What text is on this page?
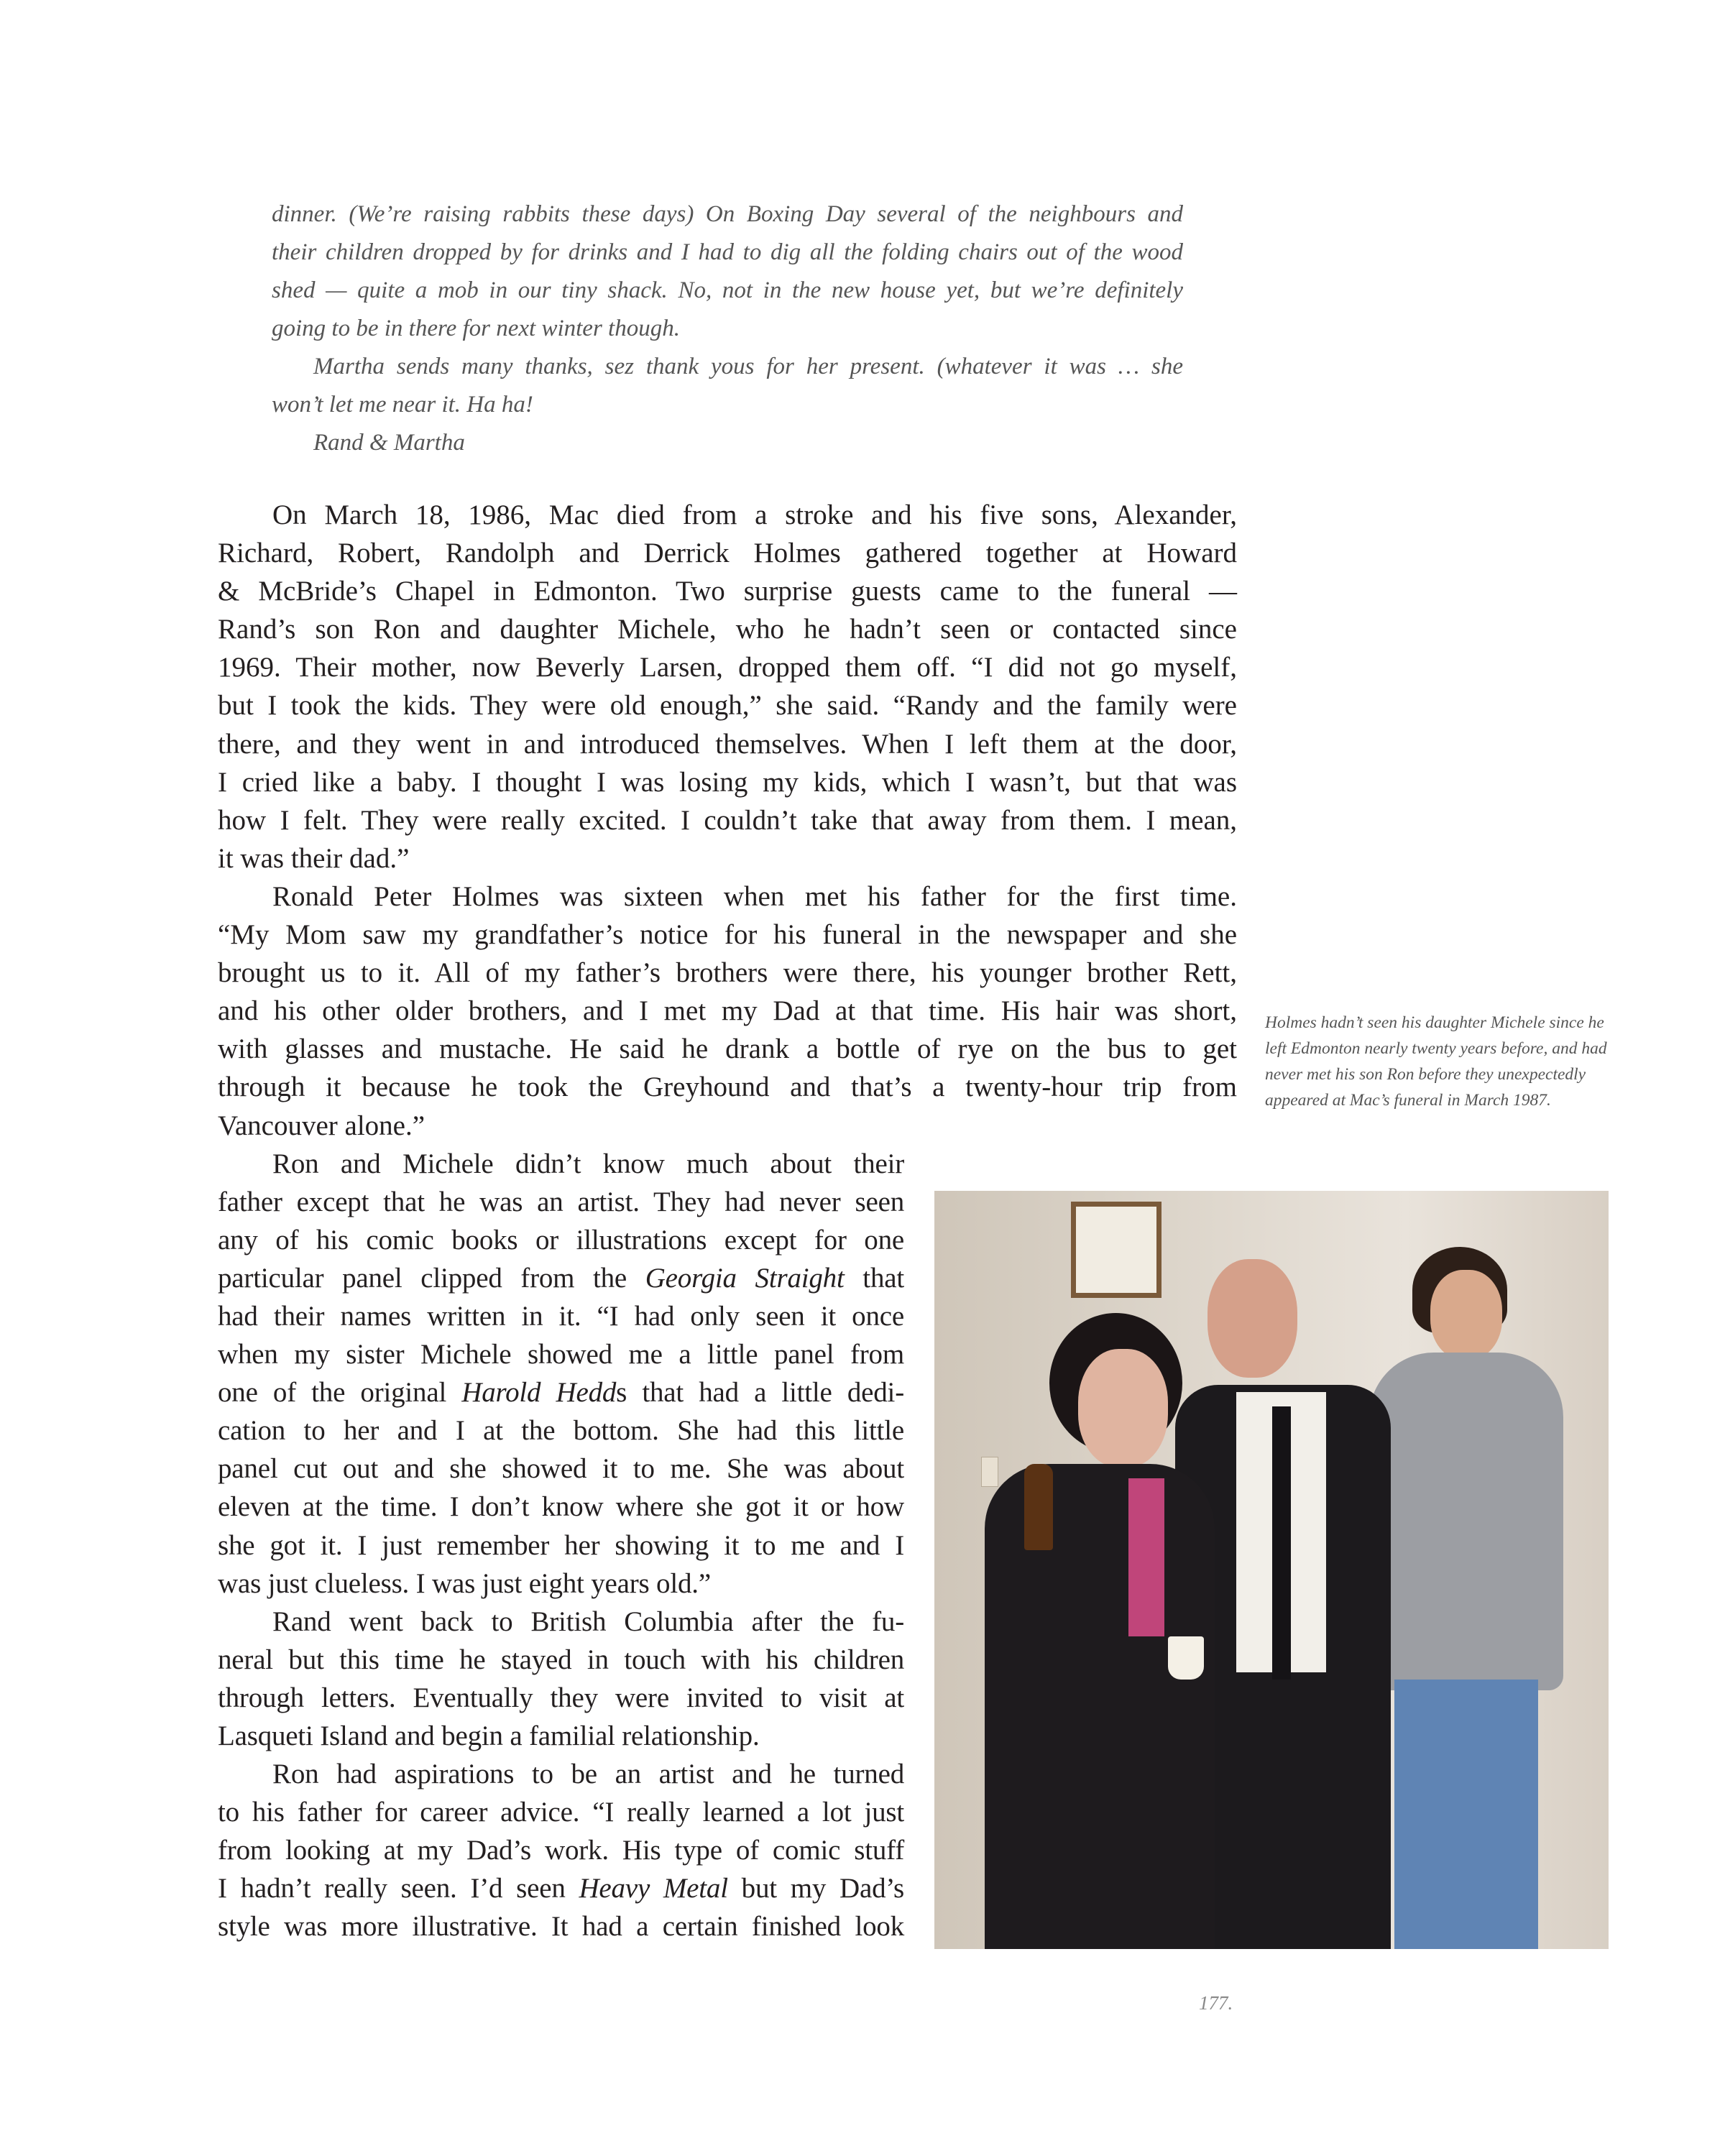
dinner. (We’re raising rabbits these days) On Boxing Day several of the neighbours and
their children dropped by for drinks and I had to dig all the folding chairs out of the wood
shed — quite a mob in our tiny shack. No, not in the new house yet, but we’re definitely
going to be in there for next winter though.
Martha sends many thanks, sez thank yous for her present. (whatever it was … she
won’t let me near it. Ha ha!
Rand & Martha
On March 18, 1986, Mac died from a stroke and his five sons, Alexander,
Richard, Robert, Randolph and Derrick Holmes gathered together at Howard
& McBride’s Chapel in Edmonton. Two surprise guests came to the funeral —
Rand’s son Ron and daughter Michele, who he hadn’t seen or contacted since
1969. Their mother, now Beverly Larsen, dropped them off. “I did not go myself,
but I took the kids. They were old enough,” she said. “Randy and the family were
there, and they went in and introduced themselves. When I left them at the door,
I cried like a baby. I thought I was losing my kids, which I wasn’t, but that was
how I felt. They were really excited. I couldn’t take that away from them. I mean,
it was their dad.”
Ronald Peter Holmes was sixteen when met his father for the first time.
“My Mom saw my grandfather’s notice for his funeral in the newspaper and she
brought us to it. All of my father’s brothers were there, his younger brother Rett,
and his other older brothers, and I met my Dad at that time. His hair was short,
with glasses and mustache. He said he drank a bottle of rye on the bus to get
through it because he took the Greyhound and that’s a twenty-hour trip from
Vancouver alone.”
Ron and Michele didn’t know much about their
father except that he was an artist. They had never seen
any of his comic books or illustrations except for one
particular panel clipped from the Georgia Straight that
had their names written in it. “I had only seen it once
when my sister Michele showed me a little panel from
one of the original Harold Hedds that had a little dedi-
cation to her and I at the bottom. She had this little
panel cut out and she showed it to me. She was about
eleven at the time. I don’t know where she got it or how
she got it. I just remember her showing it to me and I
was just clueless. I was just eight years old.”
Rand went back to British Columbia after the fu-
neral but this time he stayed in touch with his children
through letters. Eventually they were invited to visit at
Lasqueti Island and begin a familial relationship.
Ron had aspirations to be an artist and he turned
to his father for career advice. “I really learned a lot just
from looking at my Dad’s work. His type of comic stuff
I hadn’t really seen. I’d seen Heavy Metal but my Dad’s
style was more illustrative. It had a certain finished look
Holmes hadn’t seen his daughter Michele since he left Edmonton nearly twenty years before, and had never met his son Ron before they unexpectedly appeared at Mac’s funeral in March 1987.
177.
